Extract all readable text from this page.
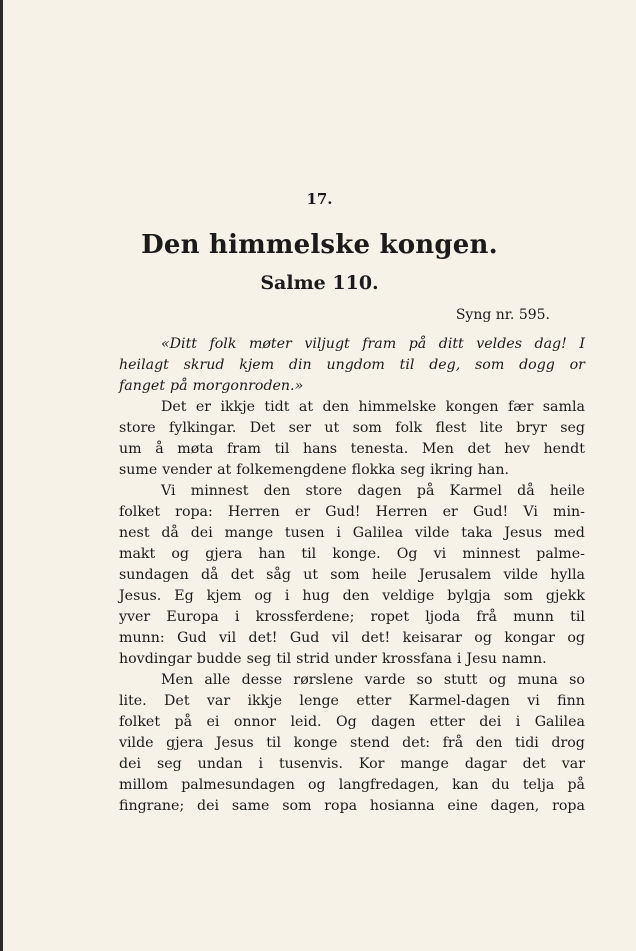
17.
Den himmelske kongen.
Salme 110.
Syng nr. 595.
«Ditt folk møter viljugt fram på ditt veldes dag! I
heilagt skrud kjem din ungdom til deg, som dogg or
fanget på morgonroden.»
Det er ikkje tidt at den himmelske kongen fær samla
store fylkingar. Det ser ut som folk flest lite bryr seg
um å møta fram til hans tenesta. Men det hev hendt
sume vender at folkemengdene flokka seg ikring han.
Vi minnest den store dagen på Karmel då heile
folket ropa: Herren er Gud! Herren er Gud! Vi min-
nest då dei mange tusen i Galilea vilde taka Jesus med
makt og gjera han til konge. Og vi minnest palme-
sundagen då det såg ut som heile Jerusalem vilde hylla
Jesus. Eg kjem og i hug den veldige bylgja som gjekk
yver Europa i krossferdene; ropet ljoda frå munn til
munn: Gud vil det! Gud vil det! keisarar og kongar og
hovdingar budde seg til strid under krossfana i Jesu namn.
Men alle desse rørslene varde so stutt og muna so
lite. Det var ikkje lenge etter Karmel-dagen vi finn
folket på ei onnor leid. Og dagen etter dei i Galilea
vilde gjera Jesus til konge stend det: frå den tidi drog
dei seg undan i tusenvis. Kor mange dagar det var
millom palmesundagen og langfredagen, kan du telja på
fingrane; dei same som ropa hosianna eine dagen, ropa
